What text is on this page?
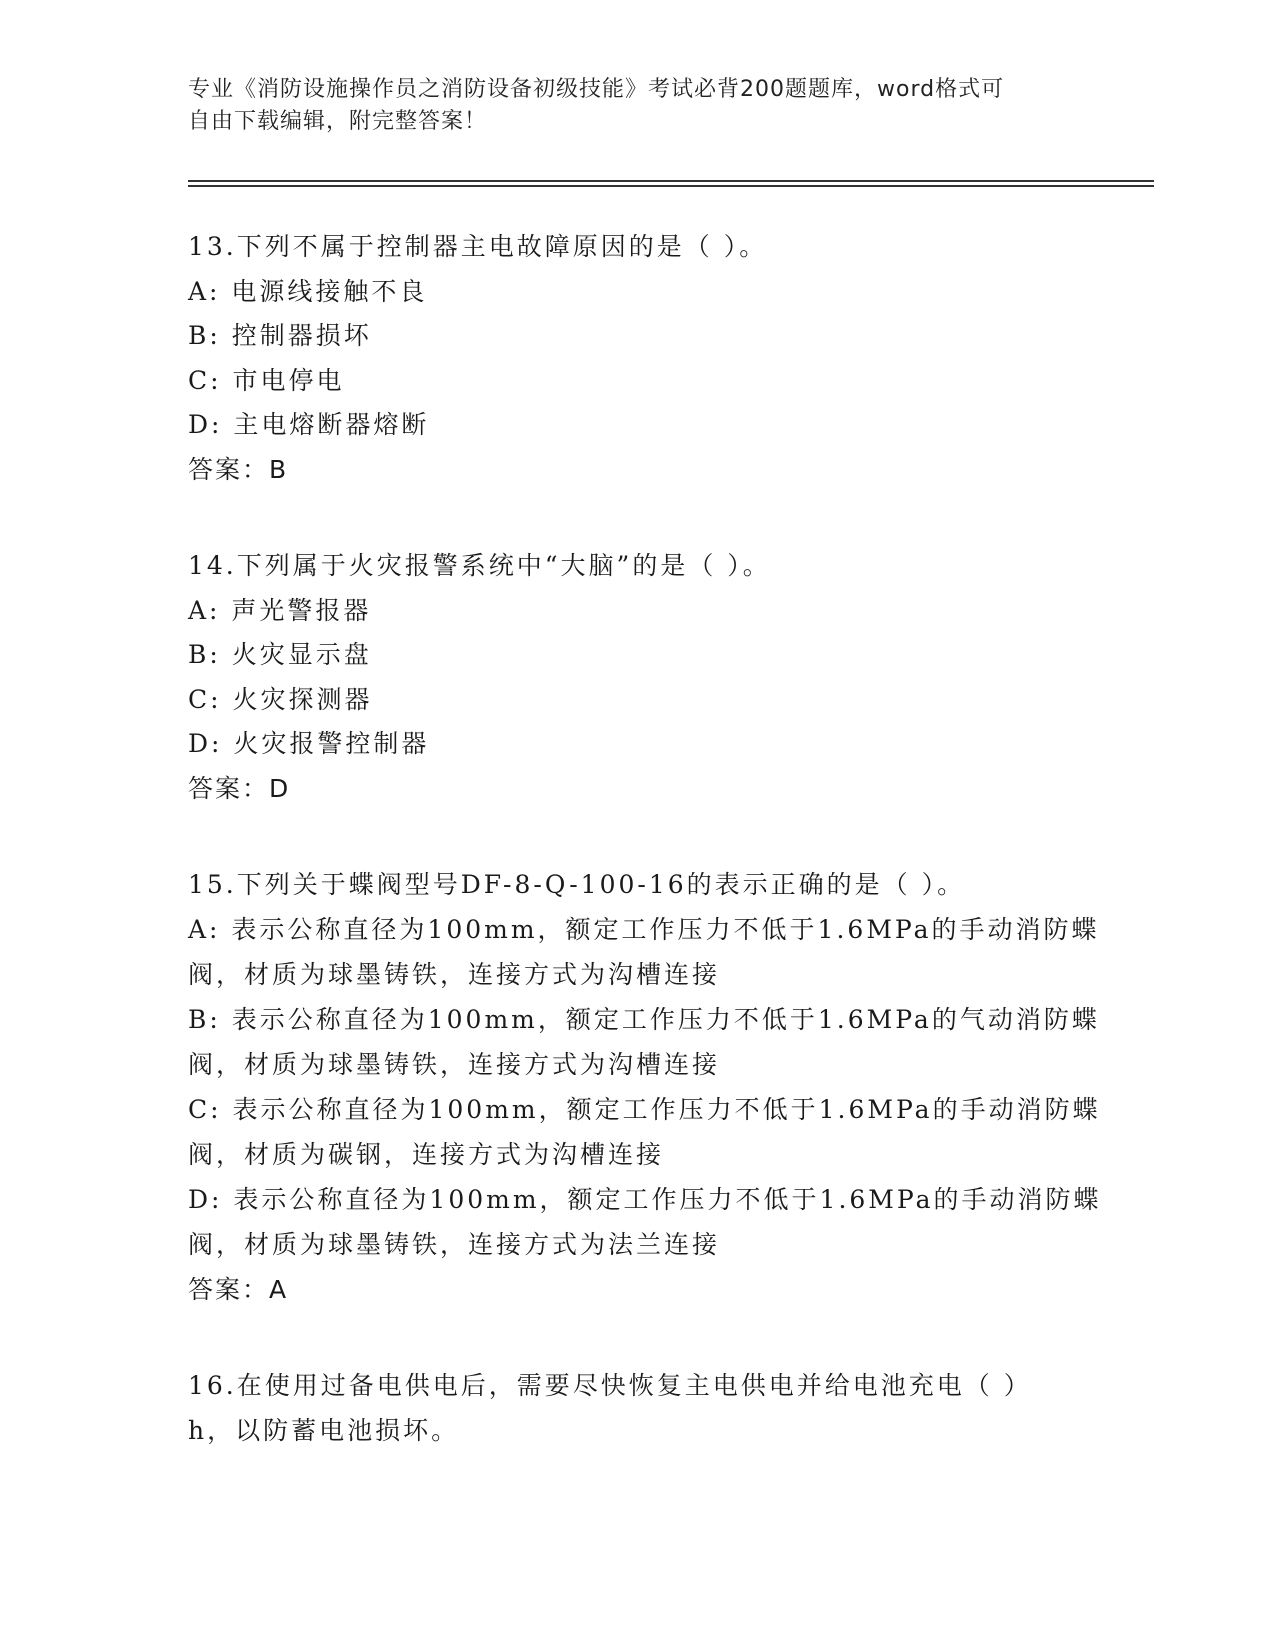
专业《消防设施操作员之消防设备初级技能》考试必背200题题库，word格式可
自由下载编辑，附完整答案！
13.下列不属于控制器主电故障原因的是（ ）。
A: 电源线接触不良
B: 控制器损坏
C: 市电停电
D: 主电熔断器熔断
答案：B
14.下列属于火灾报警系统中“大脑”的是（ ）。
A: 声光警报器
B: 火灾显示盘
C: 火灾探测器
D: 火灾报警控制器
答案：D
15.下列关于蝶阀型号DF-8-Q-100-16的表示正确的是（ ）。
A: 表示公称直径为100mm，额定工作压力不低于1.6MPa的手动消防蝶
阀，材质为球墨铸铁，连接方式为沟槽连接
B: 表示公称直径为100mm，额定工作压力不低于1.6MPa的气动消防蝶
阀，材质为球墨铸铁，连接方式为沟槽连接
C: 表示公称直径为100mm，额定工作压力不低于1.6MPa的手动消防蝶
阀，材质为碳钢，连接方式为沟槽连接
D: 表示公称直径为100mm，额定工作压力不低于1.6MPa的手动消防蝶
阀，材质为球墨铸铁，连接方式为法兰连接
答案：A
16.在使用过备电供电后，需要尽快恢复主电供电并给电池充电（ ）
h，以防蓄电池损坏。
